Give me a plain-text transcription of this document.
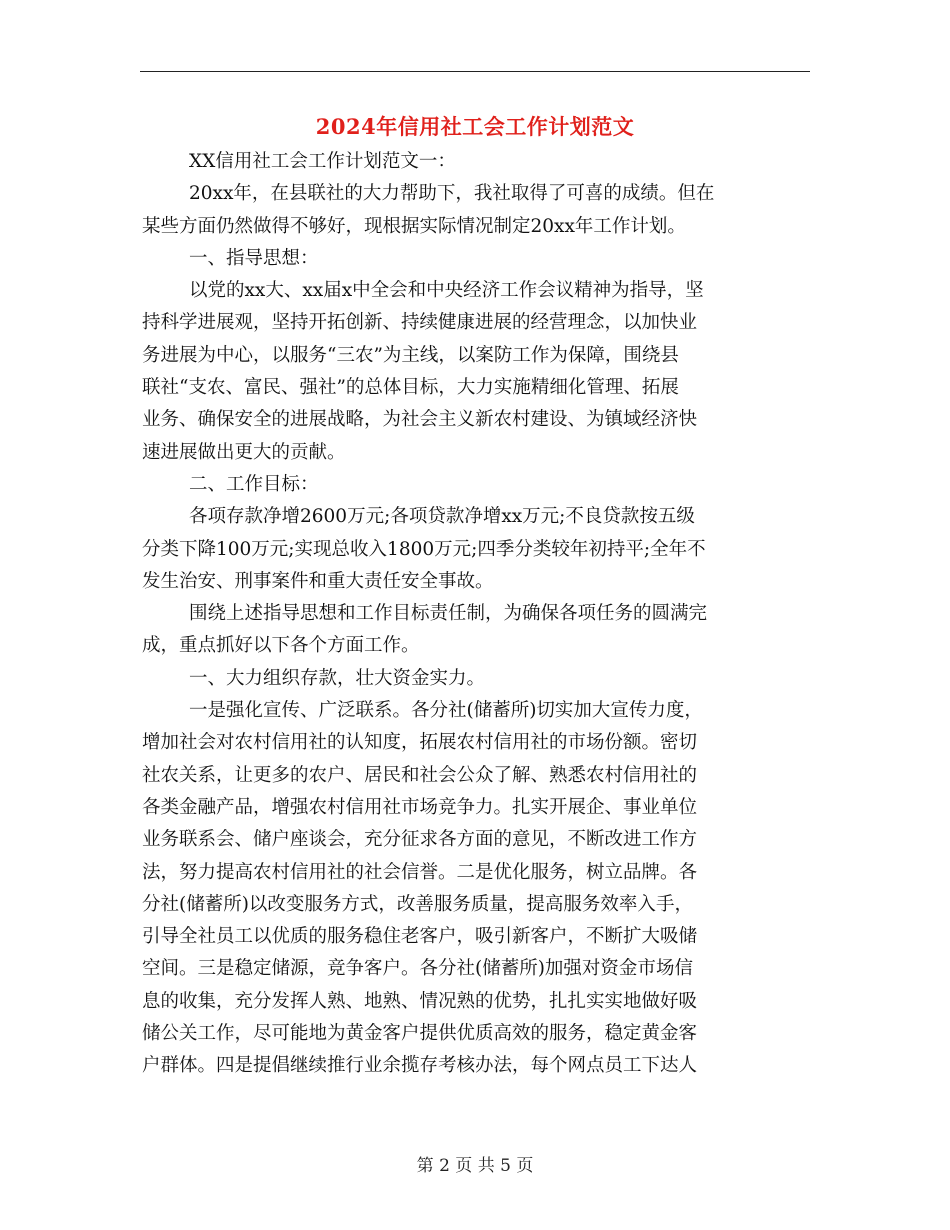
2024年信用社工会工作计划范文
XX信用社工会工作计划范文一：
20xx年，在县联社的大力帮助下，我社取得了可喜的成绩。但在
某些方面仍然做得不够好，现根据实际情况制定20xx年工作计划。
一、指导思想：
以党的xx大、xx届x中全会和中央经济工作会议精神为指导，坚
持科学进展观，坚持开拓创新、持续健康进展的经营理念，以加快业
务进展为中心，以服务“三农”为主线，以案防工作为保障，围绕县
联社“支农、富民、强社”的总体目标，大力实施精细化管理、拓展
业务、确保安全的进展战略，为社会主义新农村建设、为镇域经济快
速进展做出更大的贡献。
二、工作目标：
各项存款净增2600万元;各项贷款净增xx万元;不良贷款按五级
分类下降100万元;实现总收入1800万元;四季分类较年初持平;全年不
发生治安、刑事案件和重大责任安全事故。
围绕上述指导思想和工作目标责任制，为确保各项任务的圆满完
成，重点抓好以下各个方面工作。
一、大力组织存款，壮大资金实力。
一是强化宣传、广泛联系。各分社(储蓄所)切实加大宣传力度，
增加社会对农村信用社的认知度，拓展农村信用社的市场份额。密切
社农关系，让更多的农户、居民和社会公众了解、熟悉农村信用社的
各类金融产品，增强农村信用社市场竞争力。扎实开展企、事业单位
业务联系会、储户座谈会，充分征求各方面的意见，不断改进工作方
法，努力提高农村信用社的社会信誉。二是优化服务，树立品牌。各
分社(储蓄所)以改变服务方式，改善服务质量，提高服务效率入手，
引导全社员工以优质的服务稳住老客户，吸引新客户，不断扩大吸储
空间。三是稳定储源，竞争客户。各分社(储蓄所)加强对资金市场信
息的收集，充分发挥人熟、地熟、情况熟的优势，扎扎实实地做好吸
储公关工作，尽可能地为黄金客户提供优质高效的服务，稳定黄金客
户群体。四是提倡继续推行业余揽存考核办法，每个网点员工下达人
第 2 页 共 5 页
